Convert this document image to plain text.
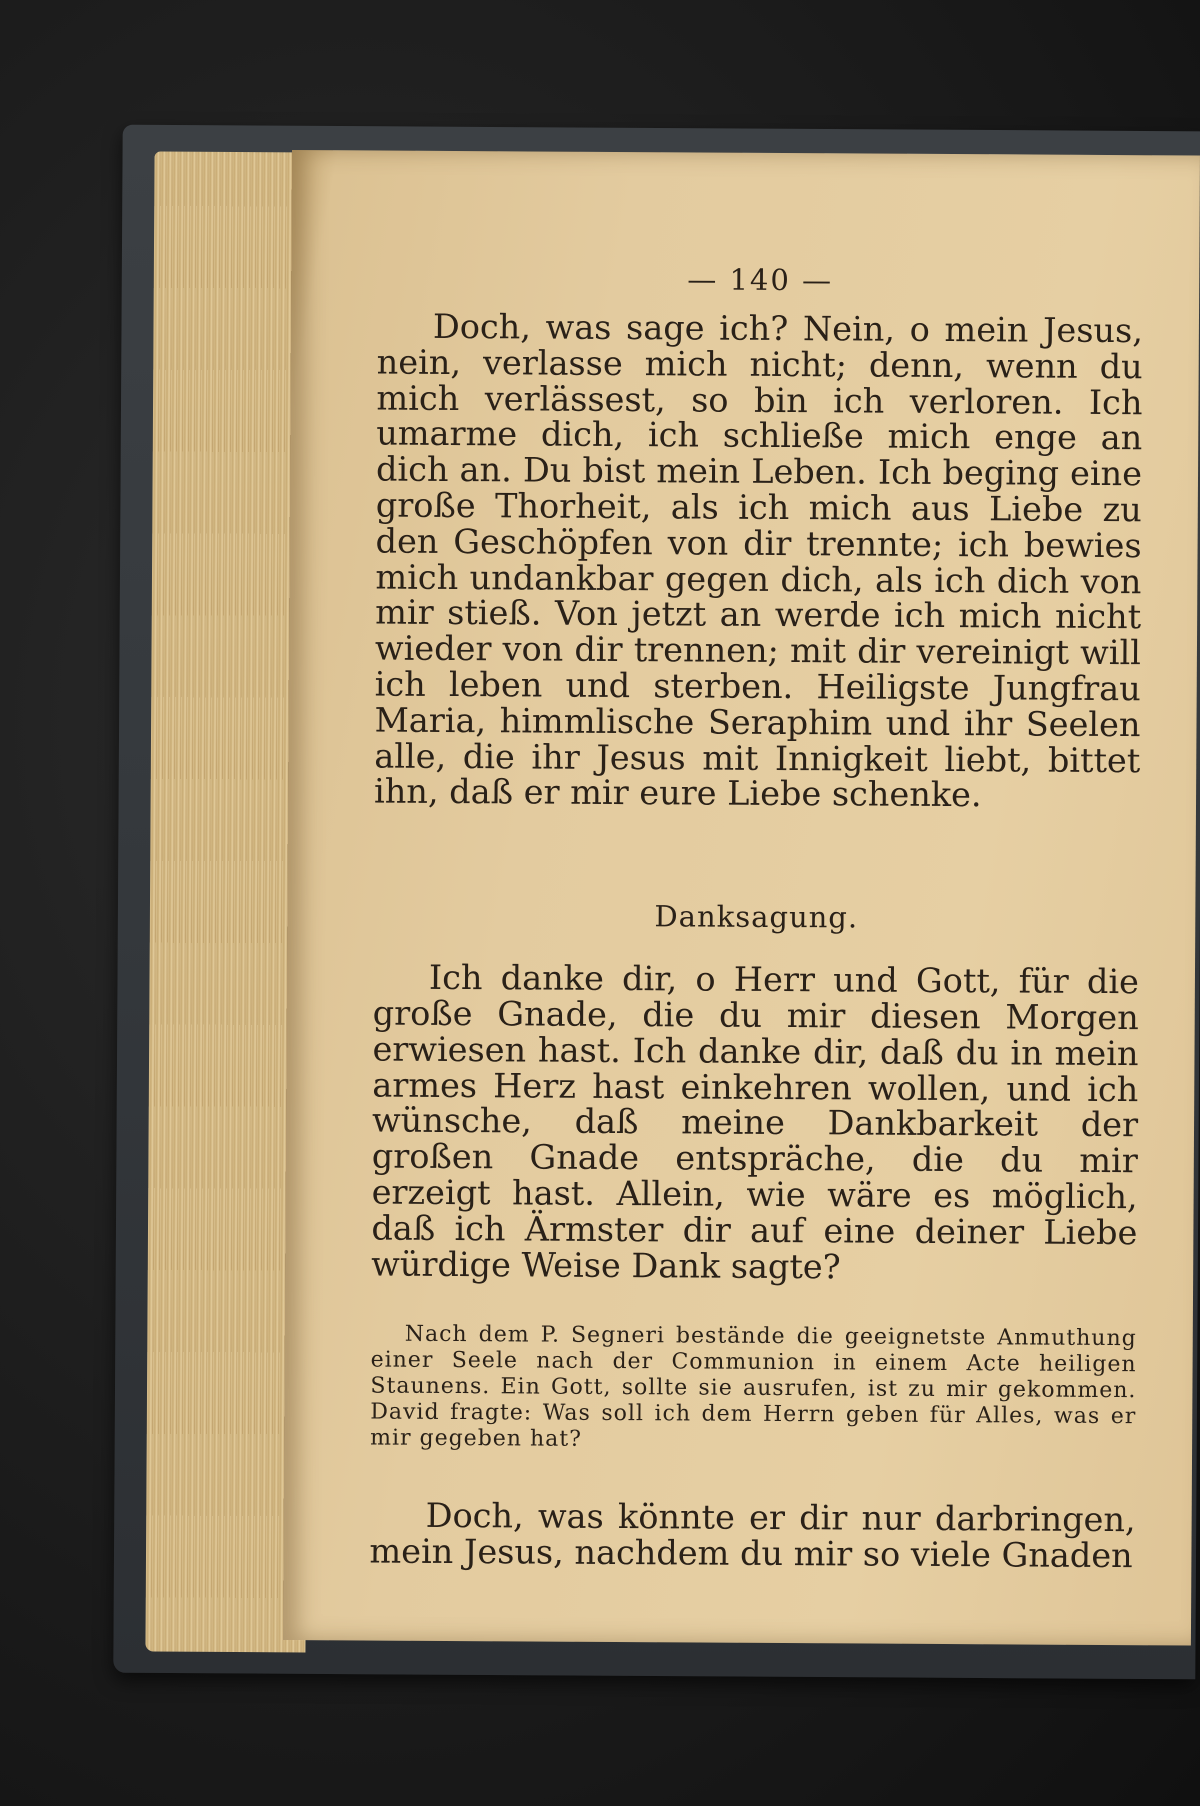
— 140 —

Doch, was sage ich? Nein, o mein Jesus, nein, verlasse mich nicht; denn, wenn du mich verlässest, so bin ich verloren. Ich umarme dich, ich schließe mich enge an dich an. Du bist mein Leben. Ich beging eine große Thorheit, als ich mich aus Liebe zu den Geschöpfen von dir trennte; ich bewies mich undankbar gegen dich, als ich dich von mir stieß. Von jetzt an werde ich mich nicht wieder von dir trennen; mit dir vereinigt will ich leben und sterben. Heiligste Jungfrau Maria, himmlische Seraphim und ihr Seelen alle, die ihr Jesus mit Innigkeit liebt, bittet ihn, daß er mir eure Liebe schenke.

Danksagung.

Ich danke dir, o Herr und Gott, für die große Gnade, die du mir diesen Morgen erwiesen hast. Ich danke dir, daß du in mein armes Herz hast einkehren wollen, und ich wünsche, daß meine Dankbarkeit der großen Gnade entspräche, die du mir erzeigt hast. Allein, wie wäre es möglich, daß ich Ärmster dir auf eine deiner Liebe würdige Weise Dank sagte?

Nach dem P. Segneri bestände die geeignetste Anmuthung einer Seele nach der Communion in einem Acte heiligen Staunens. Ein Gott, sollte sie ausrufen, ist zu mir gekommen. David fragte: Was soll ich dem Herrn geben für Alles, was er mir gegeben hat?

Doch, was könnte er dir nur darbringen, mein Jesus, nachdem du mir so viele Gnaden
